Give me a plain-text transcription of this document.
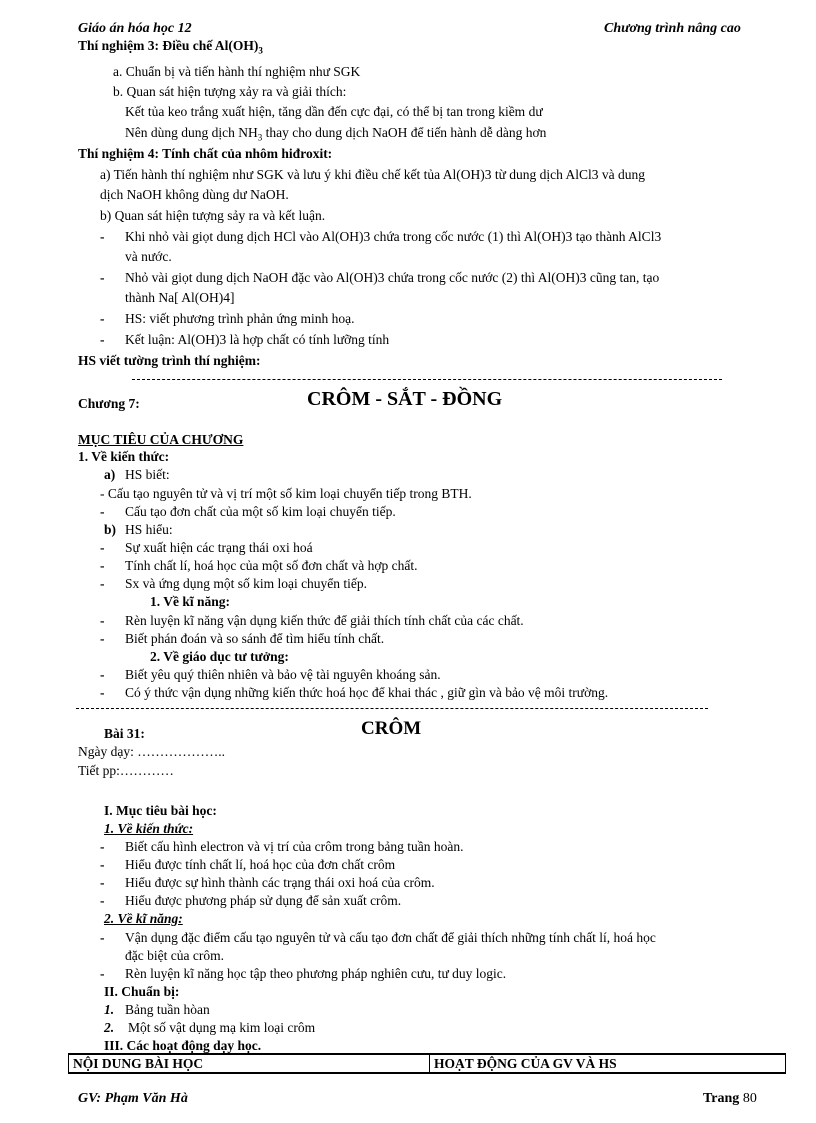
Giáo án hóa học 12	Chương trình nâng cao
Thí nghiệm 3: Điều chế $Al(OH)_3$
a. Chuẩn bị và tiến hành thí nghiệm như SGK
b. Quan sát hiện tượng xảy ra và giải thích:
Kết tủa keo trắng xuất hiện, tăng dần đến cực đại, có thể bị tan trong kiềm dư
Nên dùng dung dịch $NH_3$ thay cho dung dịch NaOH để tiến hành dễ dàng hơn
Thí nghiệm 4: Tính chất của nhôm hiđroxit:
a) Tiến hành thí nghiệm như SGK và lưu ý khi điều chế kết tủa Al(OH)3 từ dung dịch AlCl3 và dung
dịch NaOH không dùng dư NaOH.
b) Quan sát hiện tượng sảy ra và kết luận.
- Khi nhỏ vài giọt dung dịch HCl vào Al(OH)3 chứa trong cốc nước (1) thì Al(OH)3 tạo thành AlCl3
và nước.
- Nhỏ vài giọt dung dịch NaOH đặc vào Al(OH)3 chứa trong cốc nước (2) thì Al(OH)3 cũng tan, tạo
thành Na[ Al(OH)4]
- HS: viết phương trình phản ứng minh hoạ.
- Kết luận: Al(OH)3 là hợp chất có tính lưỡng tính
HS viết tường trình thí nghiệm:
Chương 7:	CRÔM - SẮT - ĐỒNG
MỤC TIÊU CỦA CHƯƠNG
1. Về kiến thức:
a) HS biết:
- Cấu tạo nguyên tử và vị trí một số kim loại chuyển tiếp trong BTH.
- Cấu tạo đơn chất của một số kim loại chuyển tiếp.
b) HS hiểu:
- Sự xuất hiện các trạng thái oxi hoá
- Tính chất lí, hoá học của một số đơn chất và hợp chất.
- Sx và ứng dụng một số kim loại chuyển tiếp.
1. Về kĩ năng:
- Rèn luyện kĩ năng vận dụng kiến thức để giải thích tính chất của các chất.
- Biết phán đoán và so sánh để tìm hiểu tính chất.
2. Về giáo dục tư tưởng:
- Biết yêu quý thiên nhiên và bảo vệ tài nguyên khoáng sản.
- Có ý thức vận dụng những kiến thức hoá học để khai thác , giữ gìn và bảo vệ môi trường.
Bài 31:	CRÔM
Ngày dạy: ………………..
Tiết pp:…………
I. Mục tiêu bài học:
1. Về kiến thức:
- Biết cấu hình electron và vị trí của crôm trong bảng tuần hoàn.
- Hiểu được tính chất lí, hoá học của đơn chất crôm
- Hiểu được sự hình thành các trạng thái oxi hoá của crôm.
- Hiểu được phương pháp sử dụng để sản xuất crôm.
2. Về kĩ năng:
- Vận dụng đặc điểm cấu tạo nguyên tử và cấu tạo đơn chất để giải thích những tính chất lí, hoá học
đặc biệt của crôm.
- Rèn luyện kĩ năng học tập theo phương pháp nghiên cưu, tư duy logic.
II. Chuẩn bị:
1. Bảng tuần hòan
2. Một số vật dụng mạ kim loại crôm
III. Các hoạt động dạy học.
NỘI DUNG BÀI HỌC	HOẠT ĐỘNG CỦA GV VÀ HS
GV: Phạm Văn Hà	Trang 80
